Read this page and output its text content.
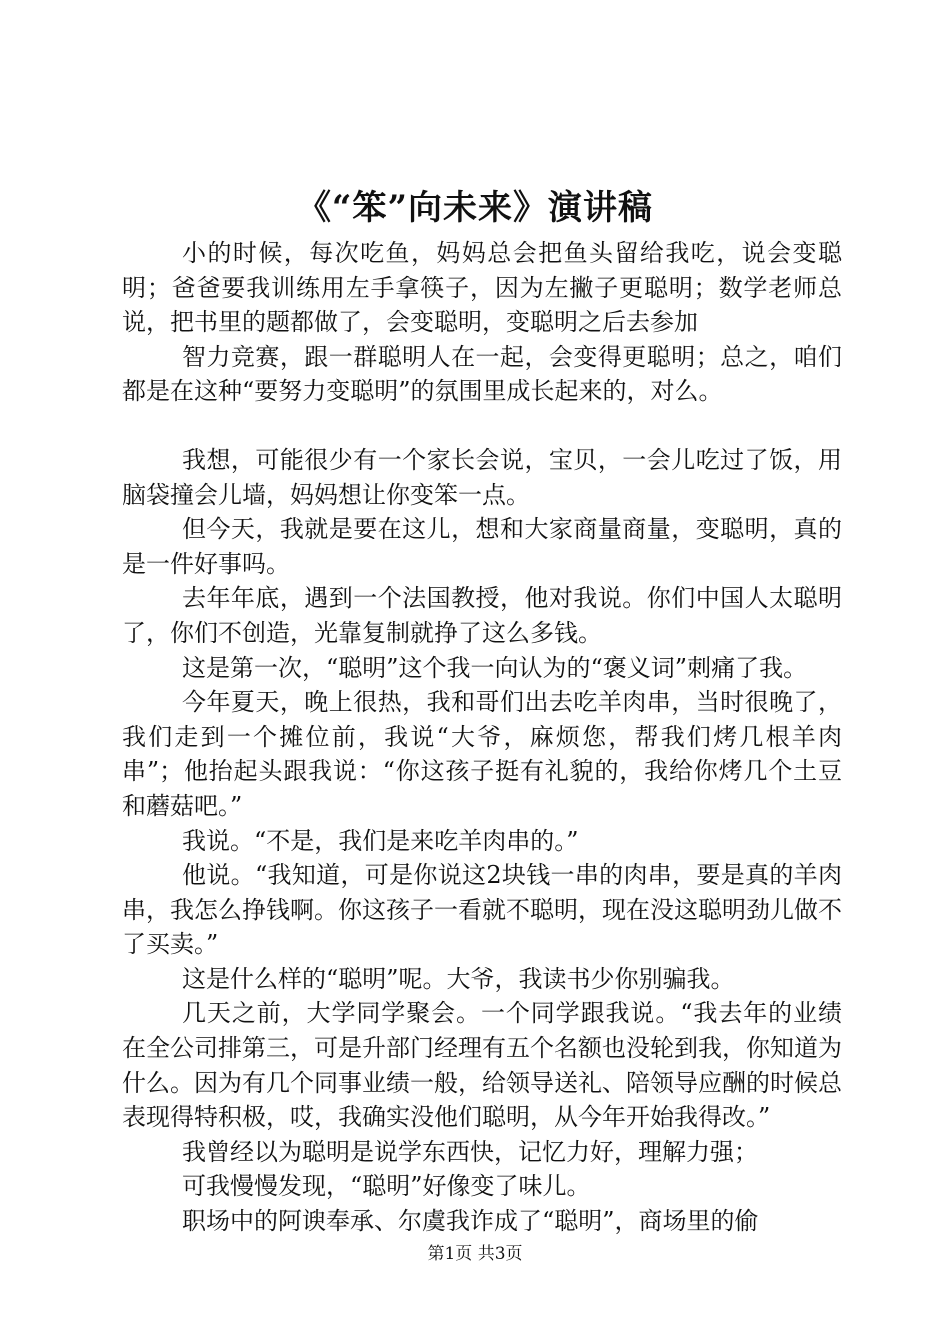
《“笨”向未来》演讲稿

小的时候，每次吃鱼，妈妈总会把鱼头留给我吃，说会变聪明；爸爸要我训练用左手拿筷子，因为左撇子更聪明；数学老师总说，把书里的题都做了，会变聪明，变聪明之后去参加

智力竞赛，跟一群聪明人在一起，会变得更聪明；总之，咱们都是在这种“要努力变聪明”的氛围里成长起来的，对么。

我想，可能很少有一个家长会说，宝贝，一会儿吃过了饭，用脑袋撞会儿墙，妈妈想让你变笨一点。

但今天，我就是要在这儿，想和大家商量商量，变聪明，真的是一件好事吗。

去年年底，遇到一个法国教授，他对我说。你们中国人太聪明了，你们不创造，光靠复制就挣了这么多钱。

这是第一次，“聪明”这个我一向认为的“褒义词”刺痛了我。

今年夏天，晚上很热，我和哥们出去吃羊肉串，当时很晚了，我们走到一个摊位前，我说“大爷，麻烦您，帮我们烤几根羊肉串”；他抬起头跟我说：“你这孩子挺有礼貌的，我给你烤几个土豆和蘑菇吧。”

我说。“不是，我们是来吃羊肉串的。”

他说。“我知道，可是你说这2块钱一串的肉串，要是真的羊肉串，我怎么挣钱啊。你这孩子一看就不聪明，现在没这聪明劲儿做不了买卖。”

这是什么样的“聪明”呢。大爷，我读书少你别骗我。

几天之前，大学同学聚会。一个同学跟我说。“我去年的业绩在全公司排第三，可是升部门经理有五个名额也没轮到我，你知道为什么。因为有几个同事业绩一般，给领导送礼、陪领导应酬的时候总表现得特积极，哎，我确实没他们聪明，从今年开始我得改。”

我曾经以为聪明是说学东西快，记忆力好，理解力强；

可我慢慢发现，“聪明”好像变了味儿。

职场中的阿谀奉承、尔虞我诈成了“聪明”，商场里的偷

第1页 共3页
